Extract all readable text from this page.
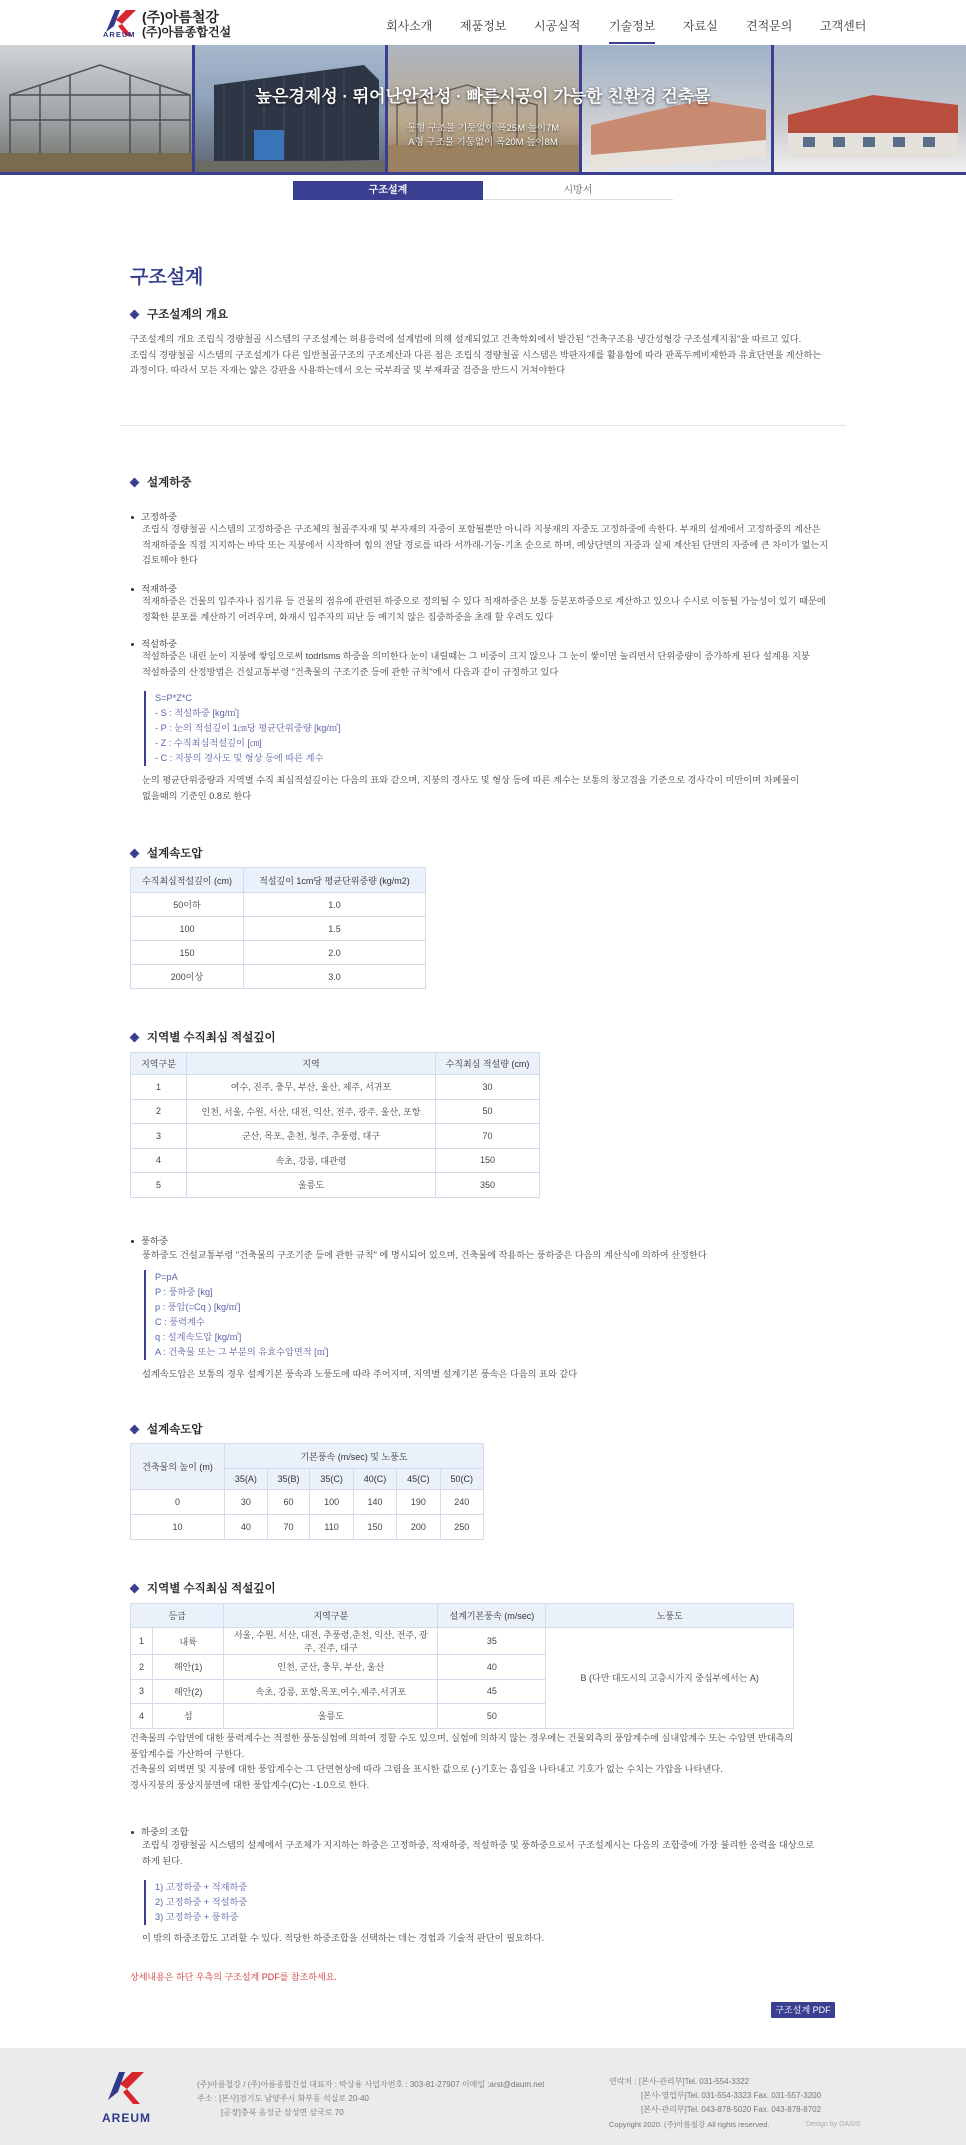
AREUM
(주)아름철강
(주)아름종합건설	회사소개 제품정보 시공실적 기술정보 자료실 견적문의 고객센터
높은경제성 · 뛰어난안전성 · 빠른시공이 가능한 친환경 건축물
동형 구조물 기둥없이 폭25M 높이7M
A형 구조물 기둥없이 폭20M 높이8M
구조설계	시방서
구조설계
구조설계의 개요
구조설계의 개요 조립식 경량철골 시스템의 구조설계는 허용응력에 설계법에 의해 설계되었고 건축학회에서 발간된 "건축구조용 냉간성형강 구조설계지침"을 따르고 있다.
조립식 경량철골 시스템의 구조설계가 다른 일반철골구조의 구조계산과 다른 점은 조립식 경량철골 시스템은 박판자재를 활용함에 따라 판폭두께비제한과 유효단면을 계산하는
과정이다. 따라서 모든 자재는 얇은 강판을 사용하는데서 오는 국부좌굴 및 부재좌굴 검증을 반드시 거쳐야한다
설계하중
고정하중
조립식 경량철골 시스템의 고정하중은 구조체의 철골주자재 및 부자재의 자중이 포함될뿐만 아니라 지붕재의 자중도 고정하중에 속한다. 부재의 설계에서 고정하중의 계산은
적재하중을 직접 지지하는 바닥 또는 지붕에서 시작하여 힘의 전달 경로를 따라 서까래-기둥-기초 순으로 하며, 예상단면의 자중과 실제 계산된 단면의 자중에 큰 차이가 없는지
검토해야 한다
적재하중
적재하중은 건물의 입주자나 집기류 등 건물의 점유에 관련된 하중으로 정의될 수 있다 적재하중은 보통 등분포하중으로 계산하고 있으나 수시로 이동될 가능성이 있기 때문에
정확한 분포를 계산하기 어려우며, 화재시 입주자의 피난 등 예기치 않은 집중하중을 초래 할 우려도 있다
적설하중
적설하중은 내린 눈이 지붕에 쌓임으로써 todrlsms 하중을 의미한다 눈이 내릴때는 그 비중이 크지 않으나 그 눈이 쌓이면 눌리면서 단위중량이 증가하게 된다 설계용 지붕
적설하중의 산정방법은 건설교통부령 "건축물의 구조기준 등에 관한 규칙"에서 다음과 같이 규정하고 있다
S=P*Z*C
- S : 적설하중 [kg/㎡]
- P : 눈의 적설깊이 1㎝당 평균단위중량 [kg/㎡]
- Z : 수직최심적설깊이 [㎝]
- C : 지붕의 경사도 및 형상 등에 따른 계수
눈의 평균단위중량과 지역별 수직 최심적설깊이는 다음의 표와 같으며, 지붕의 경사도 및 형상 등에 따른 계수는 보통의 창고겸을 기준으로 경사각이 미만이며 차폐물이
없을때의 기준인 0.8로 한다
설계속도압
수직최심적설깊이 (cm)	적설깊이 1cm당 평균단위중량 (kg/m2)
50이하	1.0
100	1.5
150	2.0
200이상	3.0
지역별 수직최심 적설깊이
지역구분	지역	수직최심 적설량 (cm)
1	여수, 진주, 충무, 부산, 울산, 제주, 서귀포	30
2	인천, 서울, 수원, 서산, 대전, 익산, 전주, 광주, 울산, 포항	50
3	군산, 목포, 춘천, 청주, 추풍령, 대구	70
4	속초, 강릉, 대관령	150
5	울릉도	350
풍하중
풍하중도 건설교통부령 "건축물의 구조기준 등에 관한 규칙" 에 명시되어 있으며, 건축물에 작용하는 풍하중은 다음의 계산식에 의하여 산정한다
P=pA
P : 풍하중 [kg]
p : 풍압(=Cq ) [kg/㎡]
C : 풍력계수
q : 설계속도압 [kg/㎡]
A : 건축물 또는 그 부분의 유효수압면적 [㎡]
설계속도압은 보통의 경우 설계기본 풍속과 노풍도에 따라 주어지며, 지역별 설계기본 풍속은 다음의 표와 같다
설계속도압
건축물의 높이 (m)	기본풍속 (m/sec) 및 노풍도					
	35(A)	35(B)	35(C)	40(C)	45(C)	50(C)
0	30	60	100	140	190	240
10	40	70	110	150	200	250
지역별 수직최심 적설깊이
등급		지역구분	설계기본풍속 (m/sec)	노풍도
1	내륙	서울, 수원, 서산, 대전, 추풍령,춘천, 익산, 전주, 광주, 진주, 대구	35	B (다만 대도시의 고층시가지 중심부에서는 A)
2	해안(1)	인천, 군산, 충무, 부산, 울산	40	
3	해안(2)	속초, 강릉, 포항,목포,여수,제주,서귀포	45	
4	섬	울릉도	50	
건축물의 수압면에 대한 풍력계수는 적절한 풍동실험에 의하여 정할 수도 있으며, 실험에 의하지 않는 경우에는 건물외측의 풍압계수에 실내압계수 또는 수압면 반대측의
풍압계수를 가산하여 구한다.
건축물의 외벽면 및 지붕에 대한 풍압계수는 그 단면현상에 따라 그림을 표시한 값으로 (-)기호는 흡입을 나타내고 기호가 없는 수치는 가압을 나타낸다.
경사지붕의 풍상지붕면에 대한 풍압계수(C)는 -1.0으로 한다.
하중의 조합
조립식 경량철골 시스템의 설계에서 구조체가 지지하는 하중은 고정하중, 적재하중, 적설하중 및 풍하중으로서 구조설계시는 다음의 조합중에 가장 불리한 응력을 대상으로
하게 된다.
1) 고정하중 + 적재하중
2) 고정하중 + 적설하중
3) 고정하중 + 풍하중
이 밖의 하중조합도 고려할 수 있다. 적당한 하중조합을 선택하는 데는 경험과 기술적 판단이 필요하다.
상세내용은 하단 우측의 구조설계 PDF를 참조하세요.
구조설계 PDF
AREUM
(주)아름철강 / (주)아름종합건설 대표자 : 박상용 사업자번호 : 303-81-27907 이메일 :arst@daum.net
주소 : [본사]경기도 남양주시 화부동 석실로 20-40
[공장]충북 음성군 삼성면 삼국로 70
연락처 : [본사-관리부]Tel. 031-554-3322
[본사-영업부]Tel. 031-554-3323 Fax. 031-557-3200
[본사-관리부]Tel. 043-878-5020 Fax. 043-878-8702
Copyright 2020. (주)아름철강 All rights reserved.	Design by OASIS
